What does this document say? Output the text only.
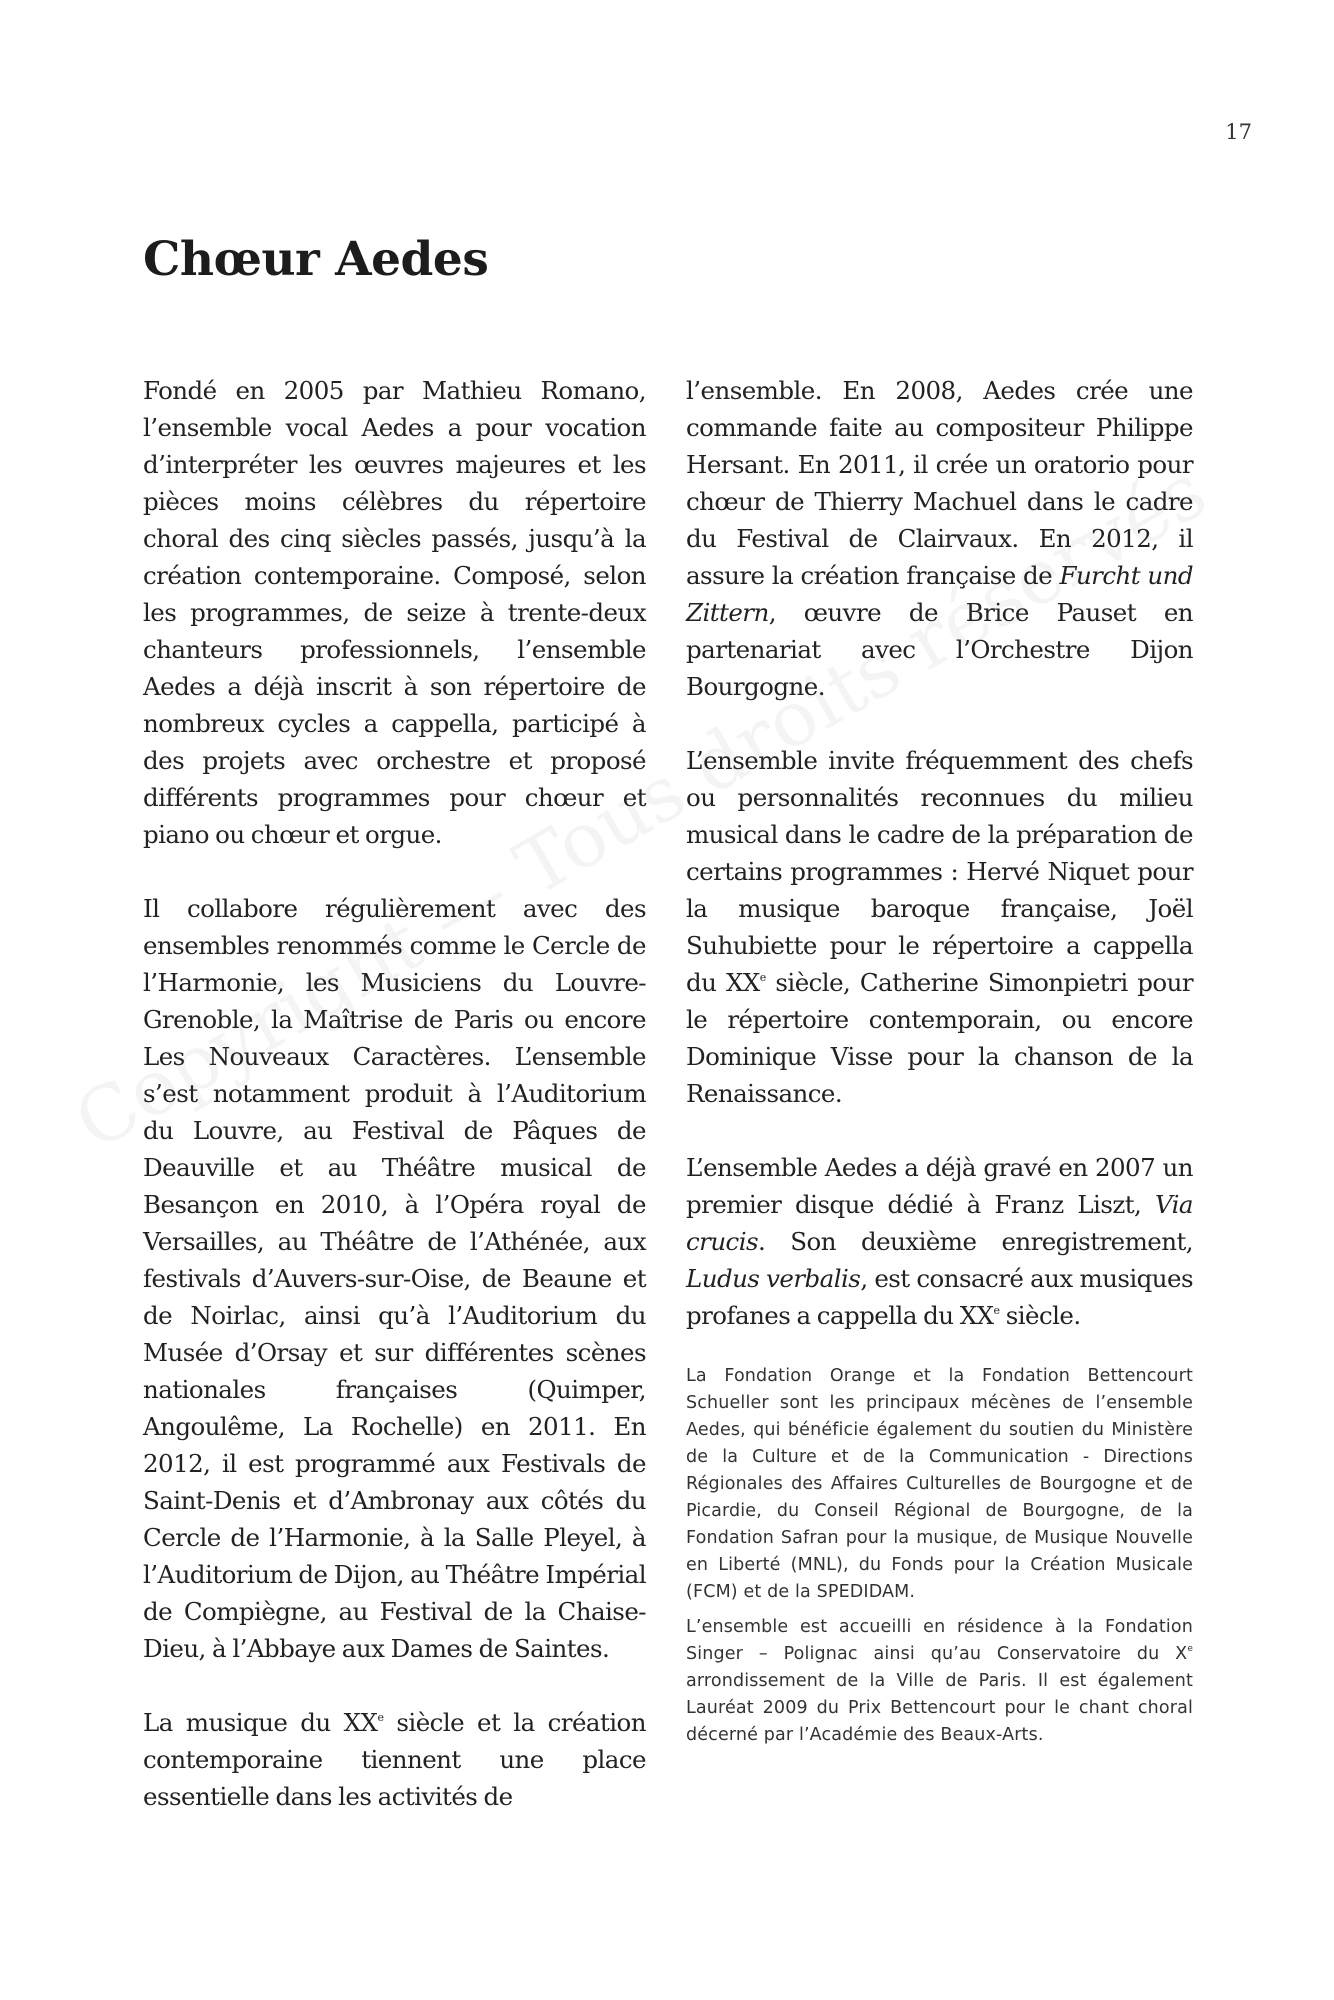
17
Chœur Aedes

Fondé en 2005 par Mathieu Romano, l’ensemble vocal Aedes a pour vocation d’interpréter les œuvres majeures et les pièces moins célèbres du répertoire choral des cinq siècles passés, jusqu’à la création contemporaine. Composé, selon les programmes, de seize à trente-deux chanteurs professionnels, l’ensemble Aedes a déjà inscrit à son répertoire de nombreux cycles a cappella, participé à des projets avec orchestre et proposé différents programmes pour chœur et piano ou chœur et orgue.

Il collabore régulièrement avec des ensembles renommés comme le Cercle de l’Harmonie, les Musiciens du Louvre-Grenoble, la Maîtrise de Paris ou encore Les Nouveaux Caractères. L’ensemble s’est notamment produit à l’Auditorium du Louvre, au Festival de Pâques de Deauville et au Théâtre musical de Besançon en 2010, à l’Opéra royal de Versailles, au Théâtre de l’Athénée, aux festivals d’Auvers-sur-Oise, de Beaune et de Noirlac, ainsi qu’à l’Auditorium du Musée d’Orsay et sur différentes scènes nationales françaises (Quimper, Angoulême, La Rochelle) en 2011. En 2012, il est programmé aux Festivals de Saint-Denis et d’Ambronay aux côtés du Cercle de l’Harmonie, à la Salle Pleyel, à l’Auditorium de Dijon, au Théâtre Impérial de Compiègne, au Festival de la Chaise-Dieu, à l’Abbaye aux Dames de Saintes.

La musique du XXe siècle et la création contemporaine tiennent une place essentielle dans les activités de

l’ensemble. En 2008, Aedes crée une commande faite au compositeur Philippe Hersant. En 2011, il crée un oratorio pour chœur de Thierry Machuel dans le cadre du Festival de Clairvaux. En 2012, il assure la création française de Furcht und Zittern, œuvre de Brice Pauset en partenariat avec l’Orchestre Dijon Bourgogne.

L’ensemble invite fréquemment des chefs ou personnalités reconnues du milieu musical dans le cadre de la préparation de certains programmes : Hervé Niquet pour la musique baroque française, Joël Suhubiette pour le répertoire a cappella du XXe siècle, Catherine Simonpietri pour le répertoire contemporain, ou encore Dominique Visse pour la chanson de la Renaissance.

L’ensemble Aedes a déjà gravé en 2007 un premier disque dédié à Franz Liszt, Via crucis. Son deuxième enregistrement, Ludus verbalis, est consacré aux musiques profanes a cappella du XXe siècle.

La Fondation Orange et la Fondation Bettencourt Schueller sont les principaux mécènes de l’ensemble Aedes, qui bénéficie également du soutien du Ministère de la Culture et de la Communication - Directions Régionales des Affaires Culturelles de Bourgogne et de Picardie, du Conseil Régional de Bourgogne, de la Fondation Safran pour la musique, de Musique Nouvelle en Liberté (MNL), du Fonds pour la Création Musicale (FCM) et de la SPEDIDAM.

L’ensemble est accueilli en résidence à la Fondation Singer – Polignac ainsi qu’au Conservatoire du Xe arrondissement de la Ville de Paris. Il est également Lauréat 2009 du Prix Bettencourt pour le chant choral décerné par l’Académie des Beaux-Arts.
